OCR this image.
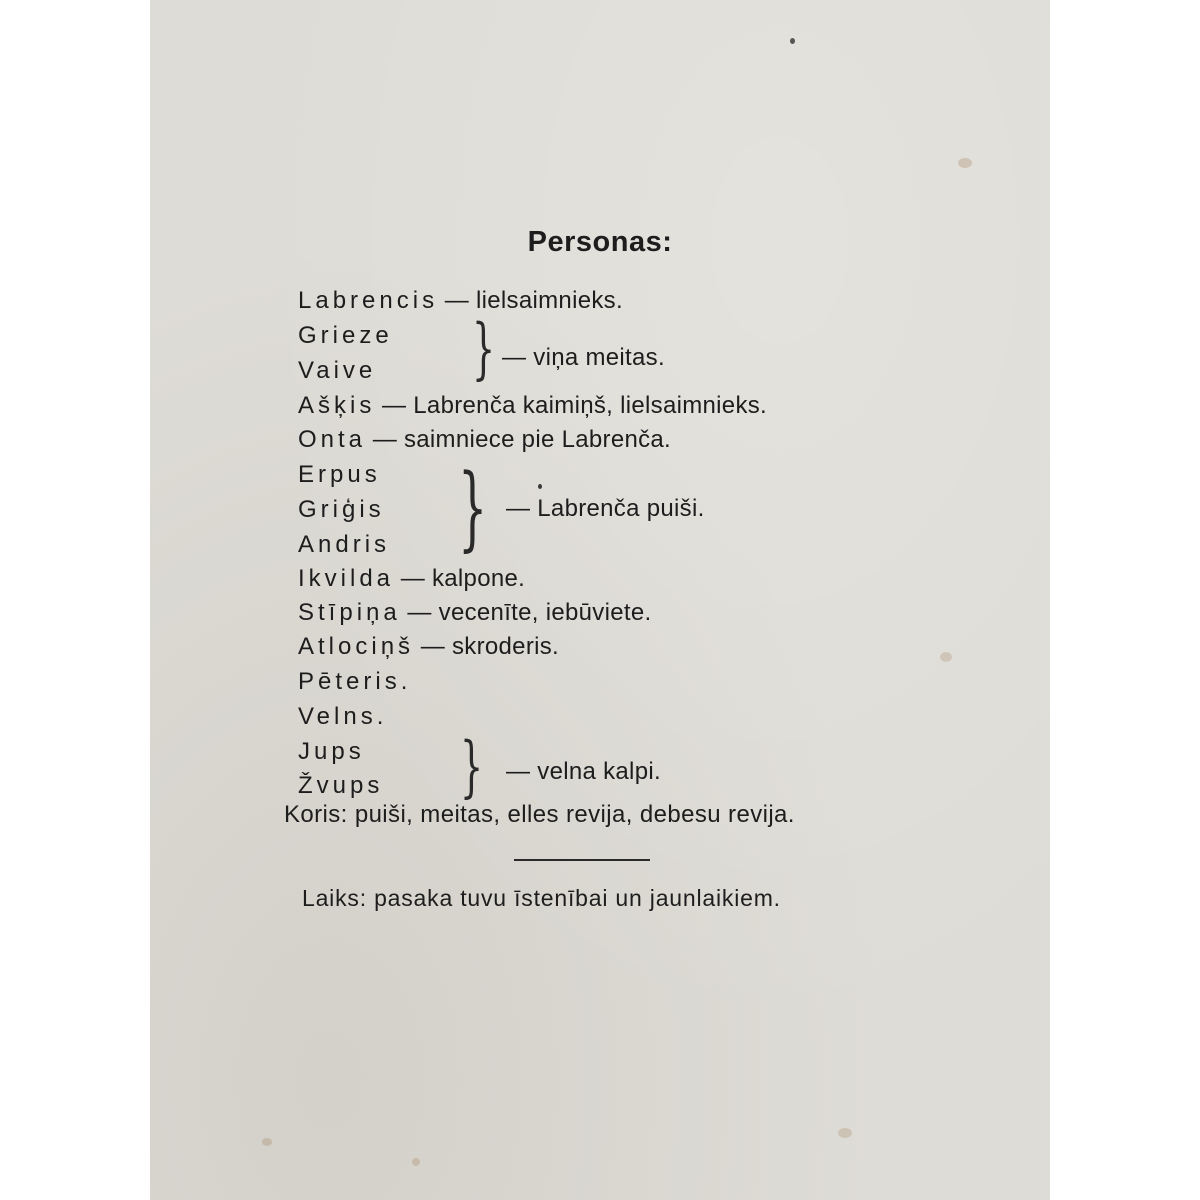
Personas:
Labrencis — lielsaimnieks.
Grieze
Vaive } — viņa meitas.
Ašķis — Labrenča kaimiņš, lielsaimnieks.
Onta — saimniece pie Labrenča.
Erpus
Griģis
Andris } — Labrenča puiši.
Ikvilda — kalpone.
Stīpiņa — vecenīte, iebūviete.
Atlociņš — skroderis.
Pēteris.
Velns.
Jups
Žvups } — velna kalpi.
Koris: puiši, meitas, elles revija, debesu revija.
Laiks: pasaka tuvu īstenībai un jaunlaikiem.
